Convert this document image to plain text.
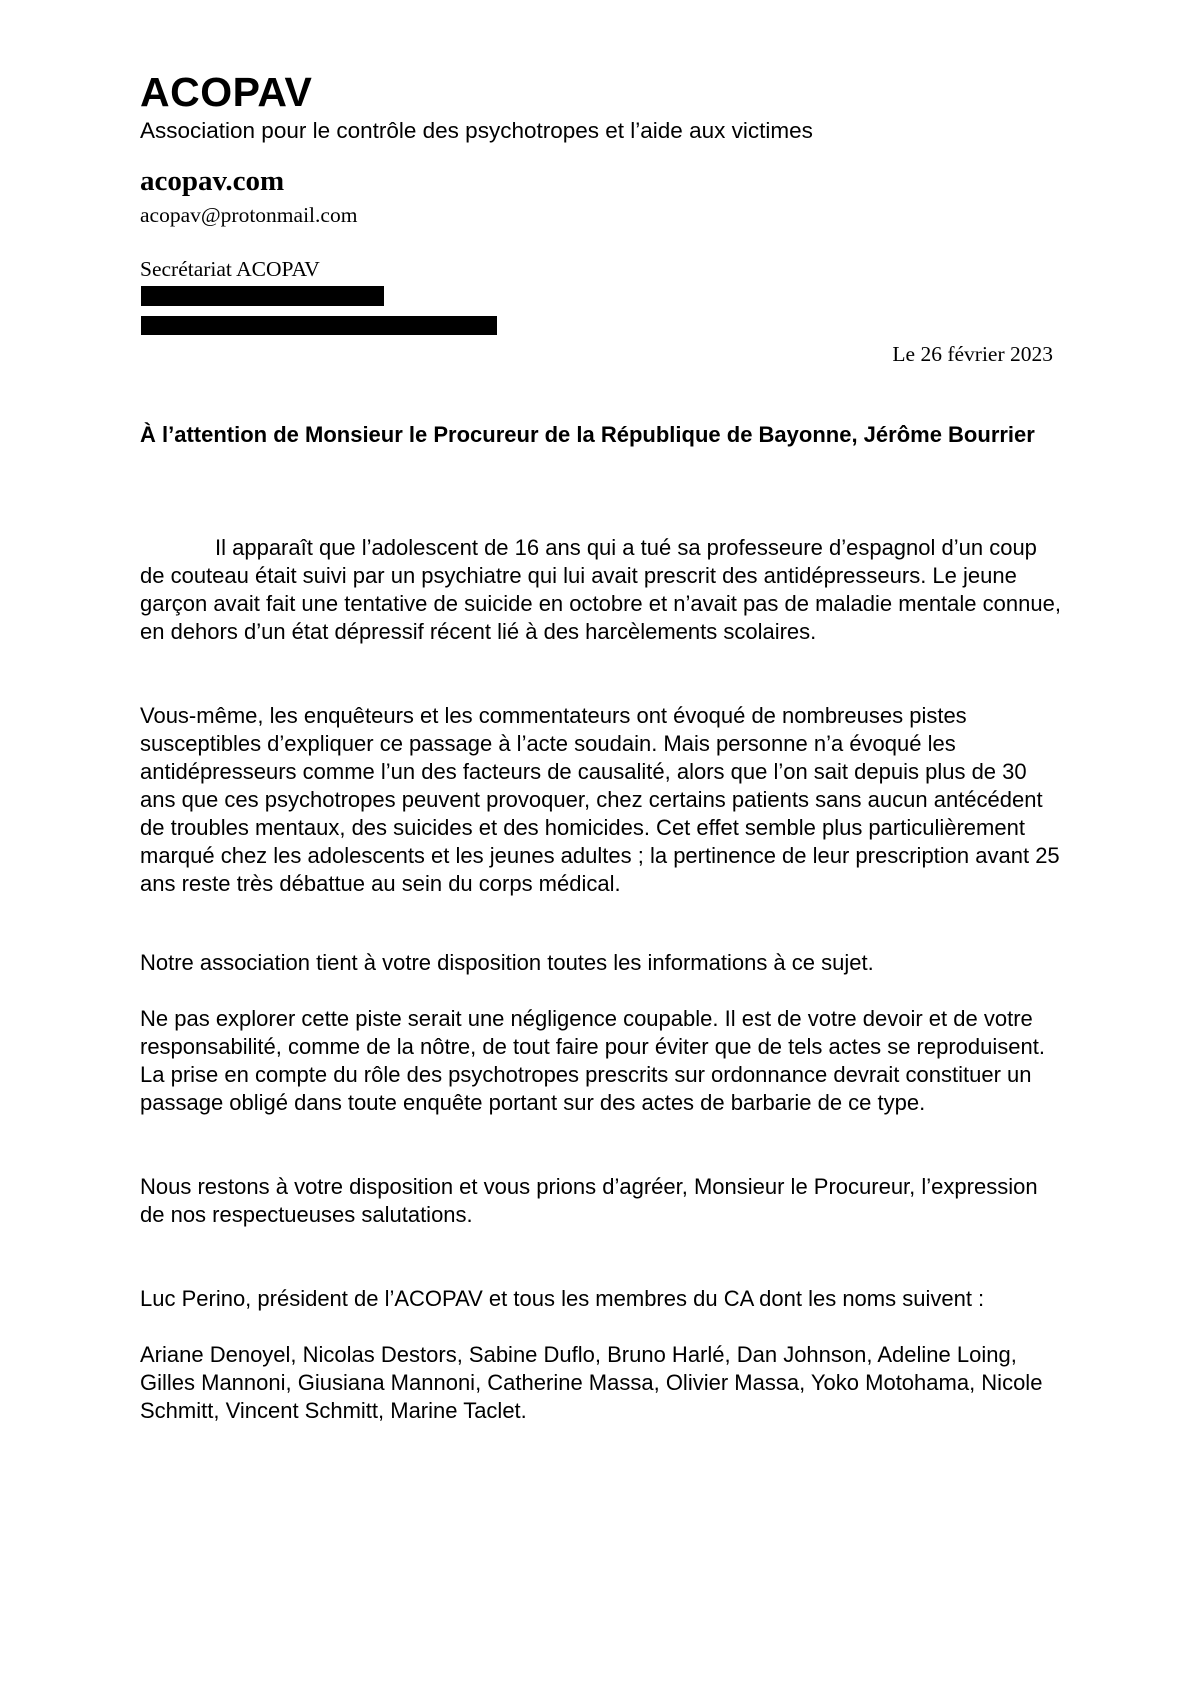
ACOPAV
Association pour le contrôle des psychotropes et l’aide aux victimes
acopav.com
acopav@protonmail.com
Secrétariat ACOPAV
Le 26 février 2023
À l’attention de Monsieur le Procureur de la République de Bayonne, Jérôme Bourrier

Il apparaît que l’adolescent de 16 ans qui a tué sa professeure d’espagnol d’un coup de couteau était suivi par un psychiatre qui lui avait prescrit des antidépresseurs. Le jeune garçon avait fait une tentative de suicide en octobre et n’avait pas de maladie mentale connue, en dehors d’un état dépressif récent lié à des harcèlements scolaires.

Vous-même, les enquêteurs et les commentateurs ont évoqué de nombreuses pistes susceptibles d’expliquer ce passage à l’acte soudain. Mais personne n’a évoqué les antidépresseurs comme l’un des facteurs de causalité, alors que l’on sait depuis plus de 30 ans que ces psychotropes peuvent provoquer, chez certains patients sans aucun antécédent de troubles mentaux, des suicides et des homicides. Cet effet semble plus particulièrement marqué chez les adolescents et les jeunes adultes ; la pertinence de leur prescription avant 25 ans reste très débattue au sein du corps médical.

Notre association tient à votre disposition toutes les informations à ce sujet.

Ne pas explorer cette piste serait une négligence coupable. Il est de votre devoir et de votre responsabilité, comme de la nôtre, de tout faire pour éviter que de tels actes se reproduisent. La prise en compte du rôle des psychotropes prescrits sur ordonnance devrait constituer un passage obligé dans toute enquête portant sur des actes de barbarie de ce type.

Nous restons à votre disposition et vous prions d’agréer, Monsieur le Procureur, l’expression de nos respectueuses salutations.

Luc Perino, président de l’ACOPAV et tous les membres du CA dont les noms suivent :

Ariane Denoyel, Nicolas Destors, Sabine Duflo, Bruno Harlé, Dan Johnson, Adeline Loing, Gilles Mannoni, Giusiana Mannoni, Catherine Massa, Olivier Massa, Yoko Motohama, Nicole Schmitt, Vincent Schmitt, Marine Taclet.
